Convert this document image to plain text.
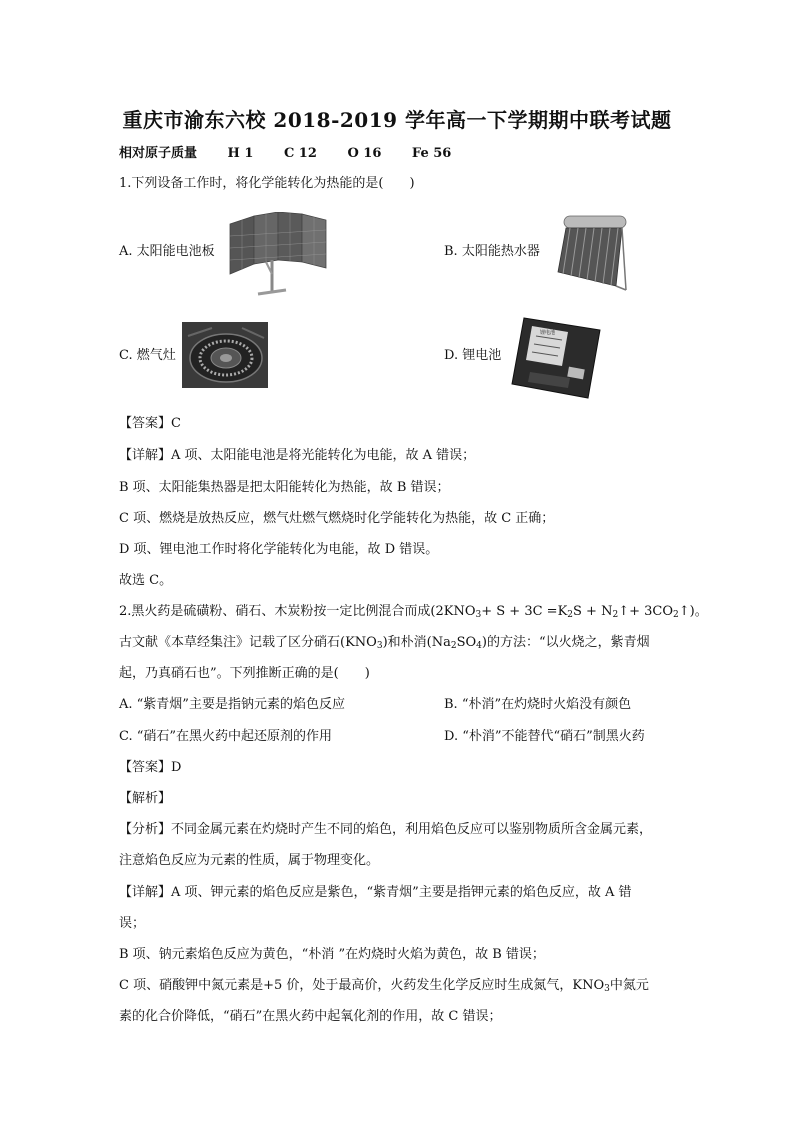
重庆市渝东六校 2018-2019 学年高一下学期期中联考试题
相对原子质量 H 1 C 12 O 16 Fe 56
1.下列设备工作时，将化学能转化为热能的是(　　)
A. 太阳能电池板	B. 太阳能热水器
C. 燃气灶	D. 锂电池
锂电池
【答案】C
【详解】A 项、太阳能电池是将光能转化为电能，故 A 错误；
B 项、太阳能集热器是把太阳能转化为热能，故 B 错误；
C 项、燃烧是放热反应，燃气灶燃气燃烧时化学能转化为热能，故 C 正确；
D 项、锂电池工作时将化学能转化为电能，故 D 错误。
故选 C。
2.黑火药是硫磺粉、硝石、木炭粉按一定比例混合而成($2KNO_3+ S + 3C =K_2S$ + $N_2↑+$ $3CO_2↑$)。
古文献《本草经集注》记载了区分硝石$(KNO_3)$和朴消$(Na_2SO_4)$的方法：“以火烧之，紫青烟
起，乃真硝石也”。下列推断正确的是(　　)
A. “紫青烟”主要是指钠元素的焰色反应	B. “朴消”在灼烧时火焰没有颜色
C. “硝石”在黑火药中起还原剂的作用	D. “朴消”不能替代“硝石”制黑火药
【答案】D
【解析】
【分析】不同金属元素在灼烧时产生不同的焰色，利用焰色反应可以鉴别物质所含金属元素，
注意焰色反应为元素的性质，属于物理变化。
【详解】A 项、钾元素的焰色反应是紫色，“紫青烟”主要是指钾元素的焰色反应，故 A 错
误；
B 项、钠元素焰色反应为黄色，“朴消 ”在灼烧时火焰为黄色，故 B 错误；
C 项、硝酸钾中氮元素是+5 价，处于最高价，火药发生化学反应时生成氮气，$KNO_3$中氮元
素的化合价降低，“硝石”在黑火药中起氧化剂的作用，故 C 错误；
